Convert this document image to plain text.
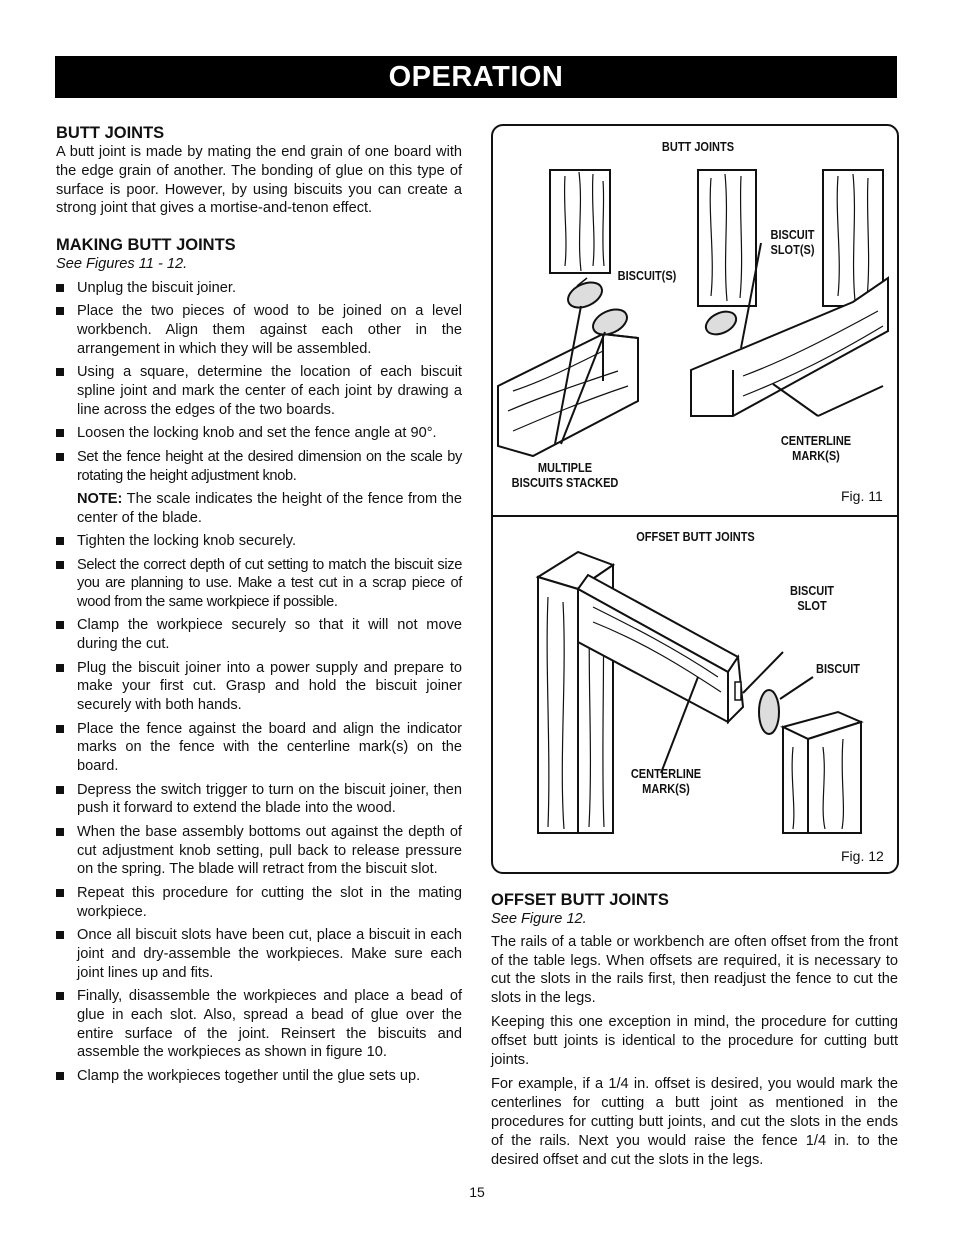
OPERATION
BUTT JOINTS

A butt joint is made by mating the end grain of one board with the edge grain of another. The bonding of glue on this type of surface is poor. However, by using biscuits you can create a strong joint that gives a mortise-and-tenon effect.

MAKING BUTT JOINTS

See Figures 11 - 12.

Unplug the biscuit joiner.
Place the two pieces of wood to be joined on a level workbench. Align them against each other in the arrangement in which they will be assembled.
Using a square, determine the location of each biscuit spline joint and mark the center of each joint by drawing a line across the edges of the two boards.
Loosen the locking knob and set the fence angle at 90°.
Set the fence height at the desired dimension on the scale by rotating the height adjustment knob.
NOTE: The scale indicates the height of the fence from the center of the blade.
Tighten the locking knob securely.
Select the correct depth of cut setting to match the biscuit size you are planning to use. Make a test cut in a scrap piece of wood from the same workpiece if possible.
Clamp the workpiece securely so that it will not move during the cut.
Plug the biscuit joiner into a power supply and prepare to make your first cut. Grasp and hold the biscuit joiner securely with both hands.
Place the fence against the board and align the indicator marks on the fence with the centerline mark(s) on the board.
Depress the switch trigger to turn on the biscuit joiner, then push it forward to extend the blade into the wood.
When the base assembly bottoms out against the depth of cut adjustment knob setting, pull back to release pressure on the spring. The blade will retract from the biscuit slot.
Repeat this procedure for cutting the slot in the mating workpiece.
Once all biscuit slots have been cut, place a biscuit in each joint and dry-assemble the workpieces. Make sure each joint lines up and fits.
Finally, disassemble the workpieces and place a bead of glue in each slot. Also, spread a bead of glue over the entire surface of the joint. Reinsert the biscuits and assemble the workpieces as shown in figure 10.
Clamp the workpieces together until the glue sets up.
BUTT JOINTS
BISCUIT(S)
BISCUIT
SLOT(S)
CENTERLINE
MARK(S)
MULTIPLE
BISCUITS STACKED
Fig. 11
OFFSET BUTT JOINTS
BISCUIT
SLOT
BISCUIT
CENTERLINE
MARK(S)
Fig. 12
OFFSET BUTT JOINTS

See Figure 12.

The rails of a table or workbench are often offset from the front of the table legs. When offsets are required, it is necessary to cut the slots in the rails first, then readjust the fence to cut the slots in the legs.

Keeping this one exception in mind, the procedure for cutting offset butt joints is identical to the procedure for cutting butt joints.

For example, if a 1/4 in. offset is desired, you would mark the centerlines for cutting a butt joint as mentioned in the procedures for cutting butt joints, and cut the slots in the ends of the rails. Next you would raise the fence 1/4 in. to the desired offset and cut the slots in the legs.

15
